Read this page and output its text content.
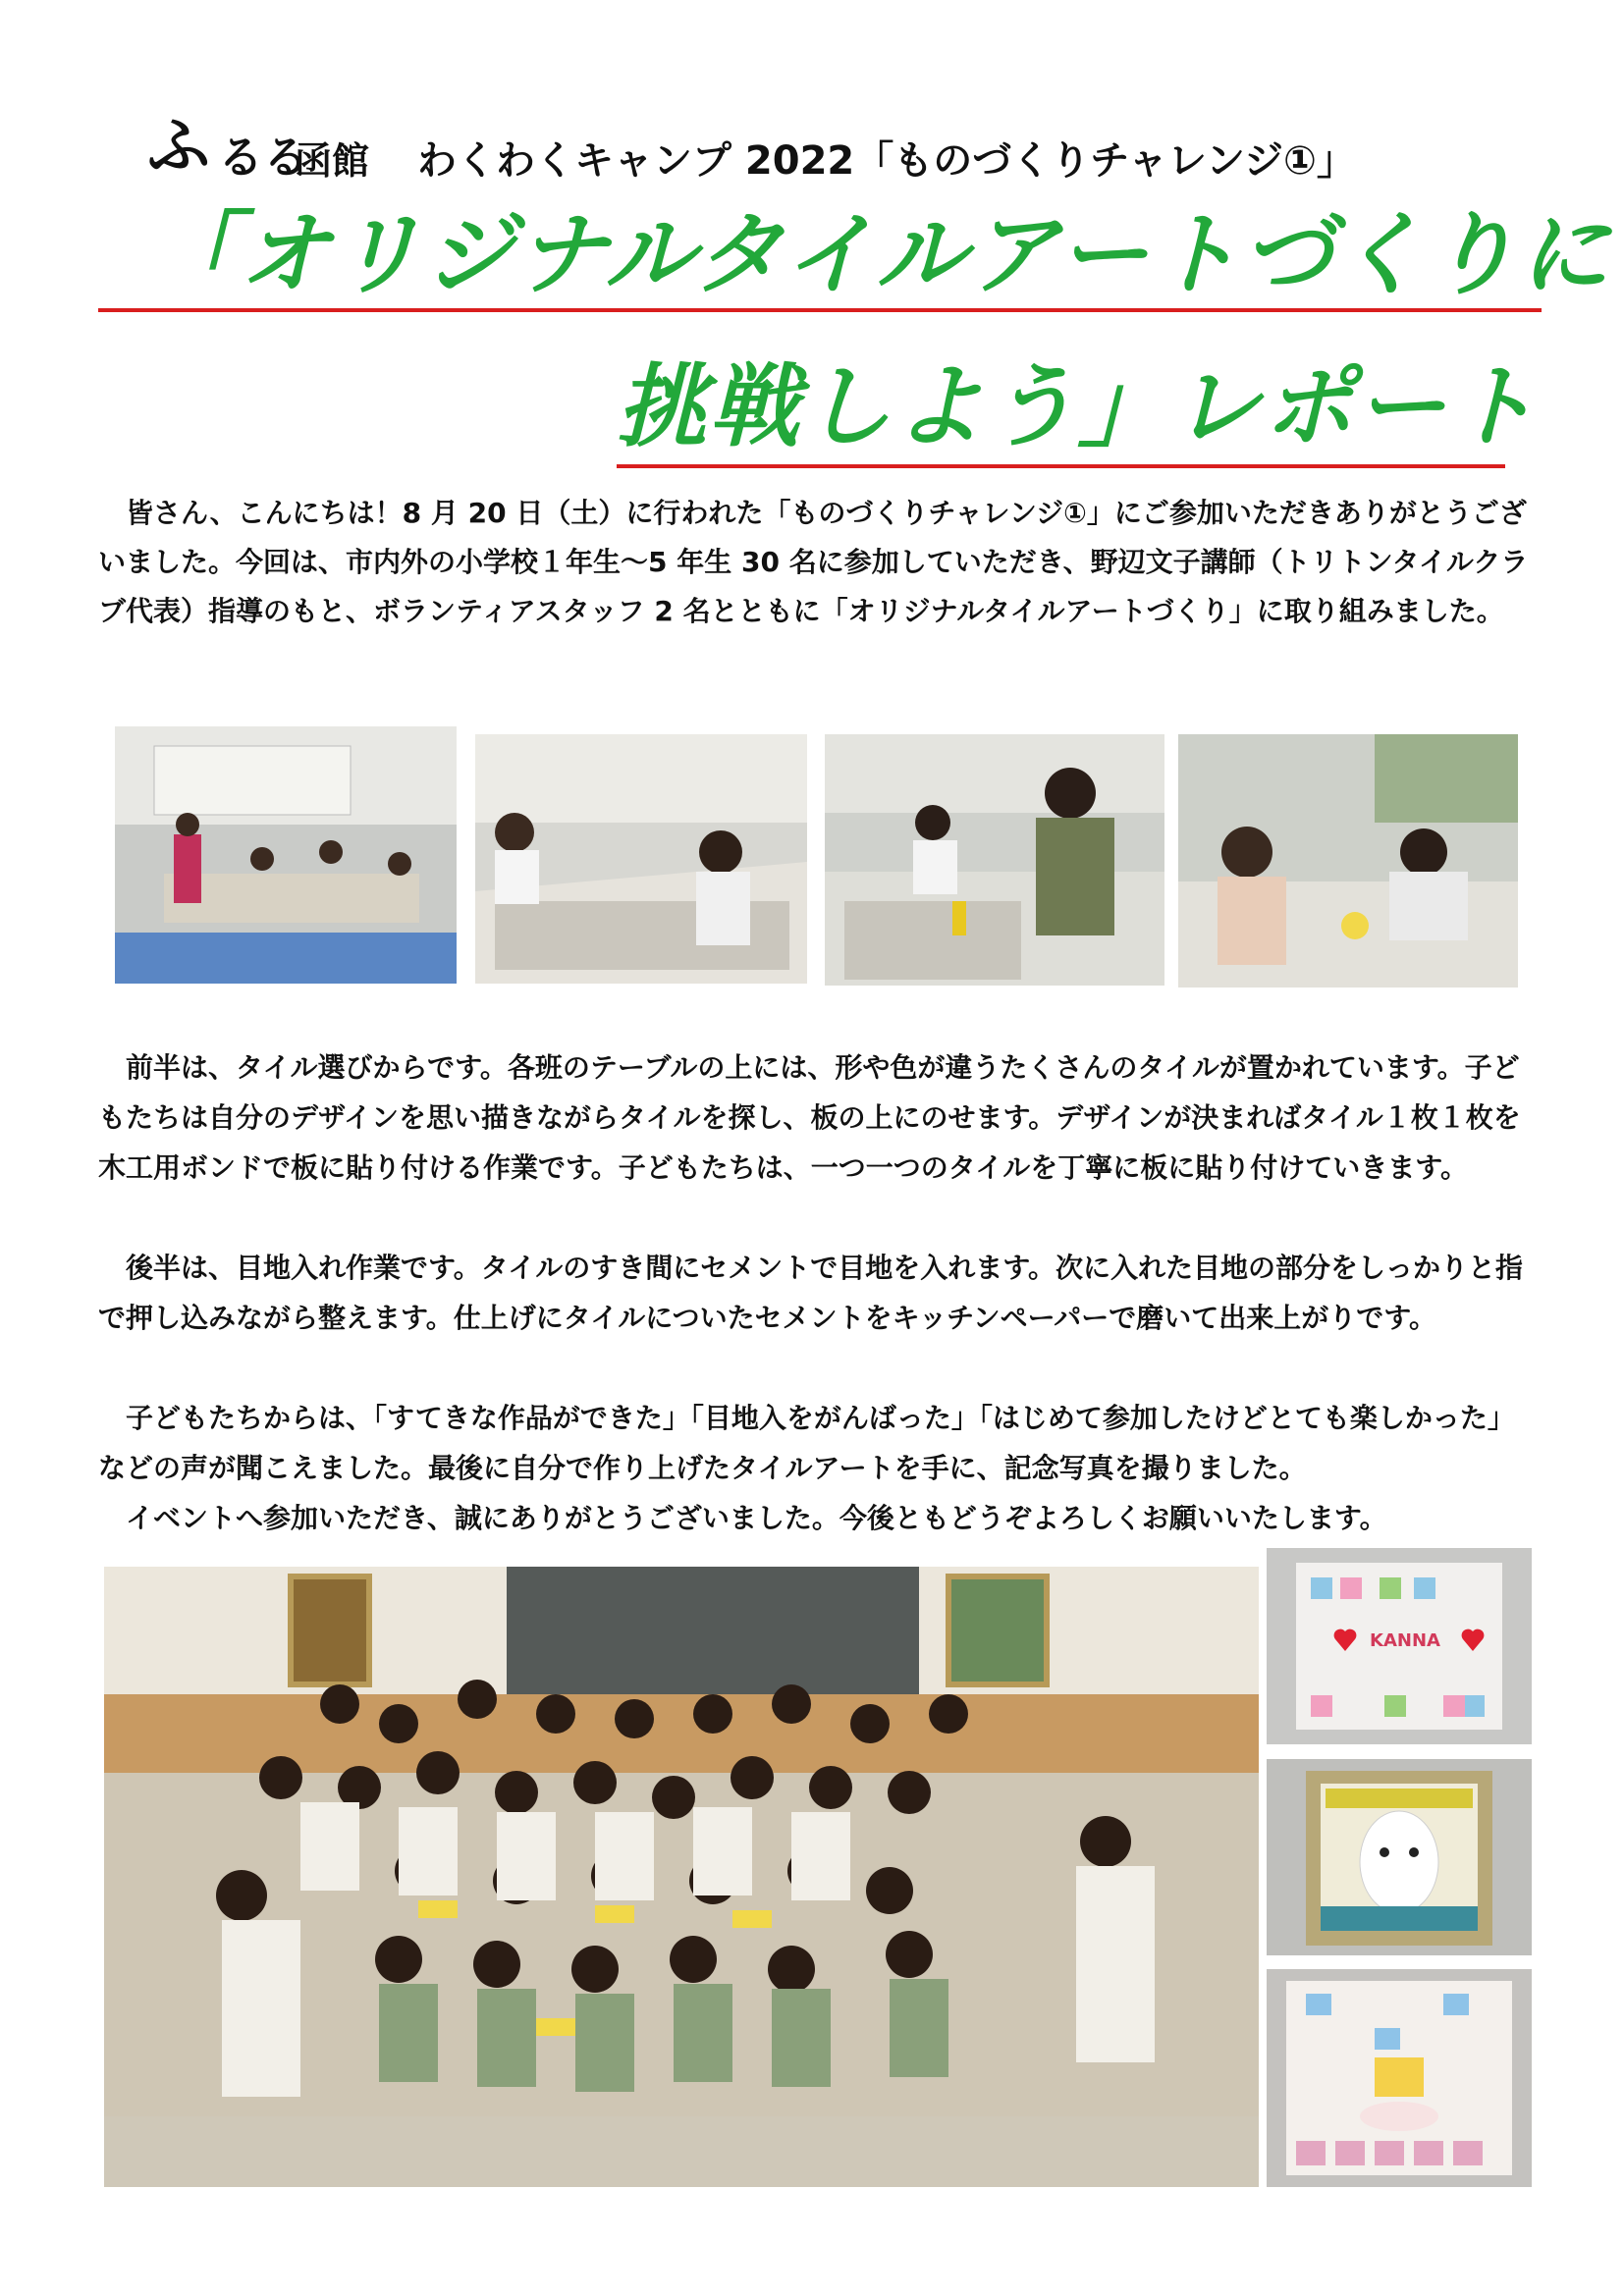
ふ るる
函館 わくわくキャンプ 2022「ものづくりチャレンジ①」
「オリジナルタイルアートづくりに
挑戦しよう」レポート

皆さん、こんにちは！8 月 20 日（土）に行われた「ものづくりチャレンジ①」にご参加いただきありがとうございました。今回は、市内外の小学校１年生〜5 年生 30 名に参加していただき、野辺文子講師（トリトンタイルクラブ代表）指導のもと、ボランティアスタッフ 2 名とともに「オリジナルタイルアートづくり」に取り組みました。

前半は、タイル選びからです。各班のテーブルの上には、形や色が違うたくさんのタイルが置かれています。子どもたちは自分のデザインを思い描きながらタイルを探し、板の上にのせます。デザインが決まればタイル１枚１枚を木工用ボンドで板に貼り付ける作業です。子どもたちは、一つ一つのタイルを丁寧に板に貼り付けていきます。

後半は、目地入れ作業です。タイルのすき間にセメントで目地を入れます。次に入れた目地の部分をしっかりと指で押し込みながら整えます。仕上げにタイルについたセメントをキッチンペーパーで磨いて出来上がりです。

子どもたちからは、「すてきな作品ができた」「目地入をがんばった」「はじめて参加したけどとても楽しかった」などの声が聞こえました。最後に自分で作り上げたタイルアートを手に、記念写真を撮りました。

イベントへ参加いただき、誠にありがとうございました。今後ともどうぞよろしくお願いいたします。

KANNA
